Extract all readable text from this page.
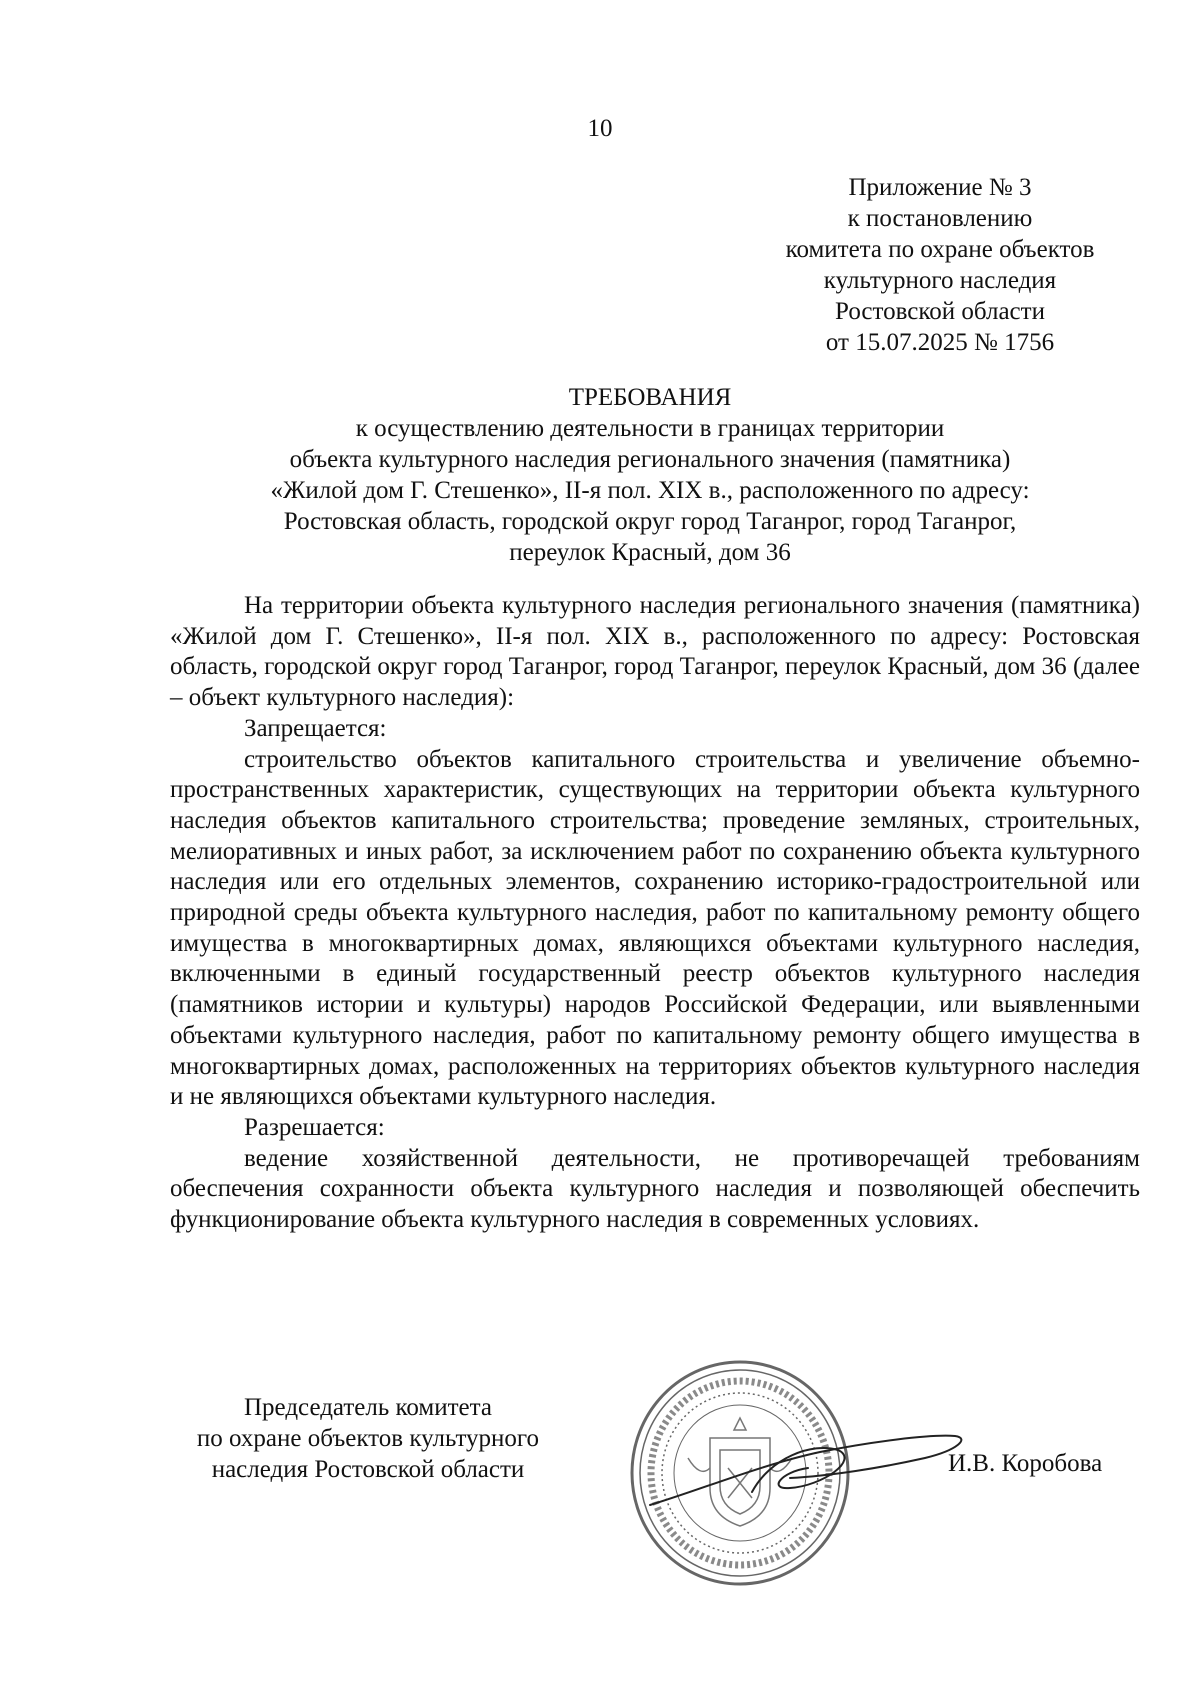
10
Приложение № 3
к постановлению
комитета по охране объектов
культурного наследия
Ростовской области
от 15.07.2025 № 1756
ТРЕБОВАНИЯ
к осуществлению деятельности в границах территории
объекта культурного наследия регионального значения (памятника)
«Жилой дом Г. Стешенко», II-я пол. XIX в., расположенного по адресу:
Ростовская область, городской округ город Таганрог, город Таганрог,
переулок Красный, дом 36

На территории объекта культурного наследия регионального значения (памятника) «Жилой дом Г. Стешенко», II-я пол. XIX в., расположенного по адресу: Ростовская область, городской округ город Таганрог, город Таганрог, переулок Красный, дом 36 (далее – объект культурного наследия):

Запрещается:

строительство объектов капитального строительства и увеличение объемно-пространственных характеристик, существующих на территории объекта культурного наследия объектов капитального строительства; проведение земляных, строительных, мелиоративных и иных работ, за исключением работ по сохранению объекта культурного наследия или его отдельных элементов, сохранению историко-градостроительной или природной среды объекта культурного наследия, работ по капитальному ремонту общего имущества в многоквартирных домах, являющихся объектами культурного наследия, включенными в единый государственный реестр объектов культурного наследия (памятников истории и культуры) народов Российской Федерации, или выявленными объектами культурного наследия, работ по капитальному ремонту общего имущества в многоквартирных домах, расположенных на территориях объектов культурного наследия и не являющихся объектами культурного наследия.

Разрешается:

ведение хозяйственной деятельности, не противоречащей требованиям обеспечения сохранности объекта культурного наследия и позволяющей обеспечить функционирование объекта культурного наследия в современных условиях.

Председатель комитета
по охране объектов культурного
наследия Ростовской области	И.В. Коробова
